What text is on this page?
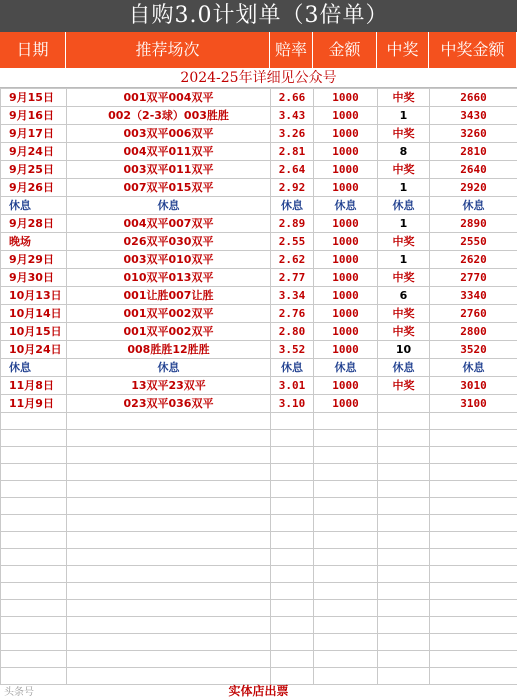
自购3.0计划单（3倍单）
日期	推荐场次	赔率	金额	中奖	中奖金额
2024-25年详细见公众号
9月15日	001双平004双平	2.66	1000	中奖	2660
9月16日	002（2-3球）003胜胜	3.43	1000	1	3430
9月17日	003双平006双平	3.26	1000	中奖	3260
9月24日	004双平011双平	2.81	1000	8	2810
9月25日	003双平011双平	2.64	1000	中奖	2640
9月26日	007双平015双平	2.92	1000	1	2920
休息	休息	休息	休息	休息	休息
9月28日	004双平007双平	2.89	1000	1	2890
晚场	026双平030双平	2.55	1000	中奖	2550
9月29日	003双平010双平	2.62	1000	1	2620
9月30日	010双平013双平	2.77	1000	中奖	2770
10月13日	001让胜007让胜	3.34	1000	6	3340
10月14日	001双平002双平	2.76	1000	中奖	2760
10月15日	001双平002双平	2.80	1000	中奖	2800
10月24日	008胜胜12胜胜	3.52	1000	10	3520
休息	休息	休息	休息	休息	休息
11月8日	13双平23双平	3.01	1000	中奖	3010
11月9日	023双平036双平	3.10	1000		3100

实体店出票
头条号
